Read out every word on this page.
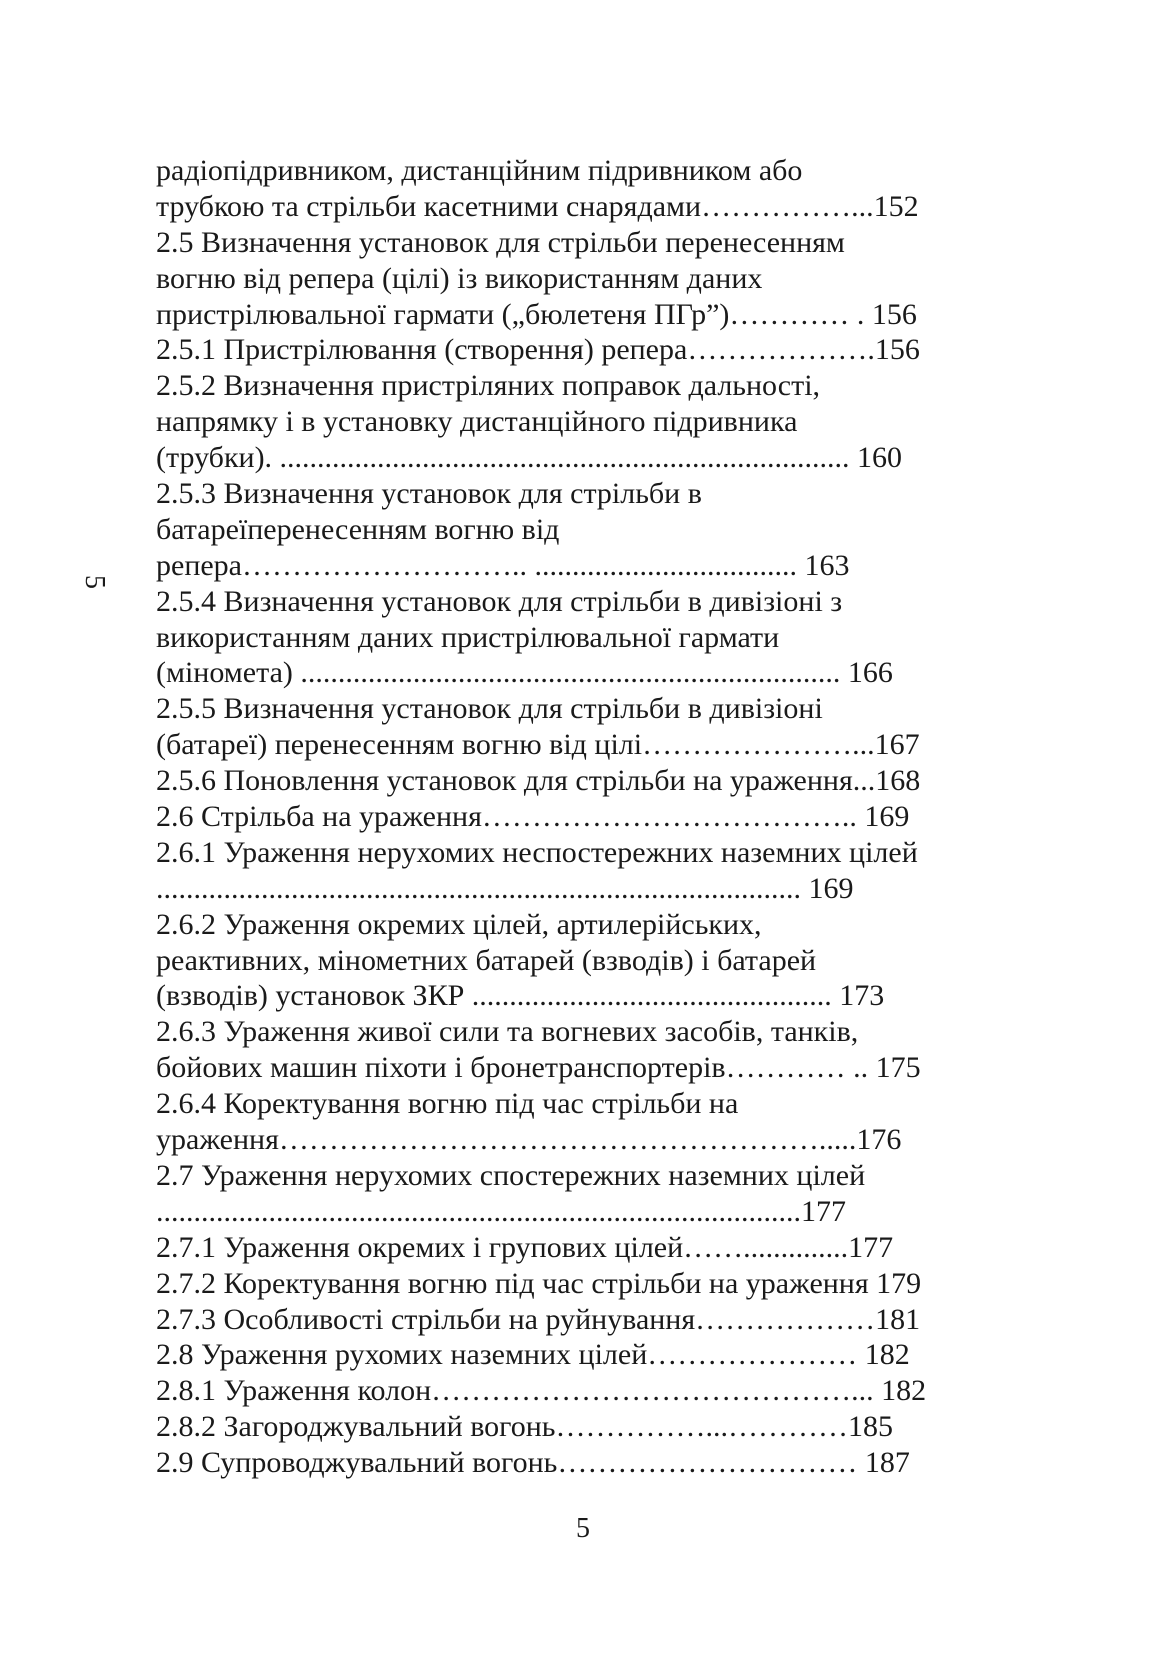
5
радіопідривником, дистанційним підривником або
трубкою та стрільби касетними снарядами……………...152
2.5 Визначення установок для стрільби перенесенням
вогню від репера (цілі) із використанням даних
пристрілювальної гармати („бюлетеня ПГр”)………… . 156
2.5.1 Пристрілювання (створення) репера……………….156
2.5.2 Визначення пристріляних поправок дальності,
напрямку і в установку дистанційного підривника
(трубки). ............................................................................ 160
2.5.3 Визначення установок для стрільби в
батареїперенесенням вогню від
репера……………………….. ................................... 163
2.5.4 Визначення установок для стрільби в дивізіоні з
використанням даних пристрілювальної гармати
(міномета) ........................................................................ 166
2.5.5 Визначення установок для стрільби в дивізіоні
(батареї) перенесенням вогню від цілі…………………...167
2.5.6 Поновлення установок для стрільби на ураження...168
2.6 Стрільба на ураження……………………………….. 169
2.6.1 Ураження нерухомих неспостережних наземних цілей
...................................................................................... 169
2.6.2 Ураження окремих цілей, артилерійських,
реактивних, мінометних батарей (взводів) і батарей
(взводів) установок ЗКР ................................................ 173
2.6.3 Ураження живої сили та вогневих засобів, танків,
бойових машин піхоти і бронетранспортерів………… .. 175
2.6.4 Коректування вогню під час стрільби на
ураження……………………………………………….....176
2.7 Ураження нерухомих спостережних наземних цілей
......................................................................................177
2.7.1 Ураження окремих і групових цілей……..............177
2.7.2 Коректування вогню під час стрільби на ураження 179
2.7.3 Особливості стрільби на руйнування………………181
2.8 Ураження рухомих наземних цілей………………… 182
2.8.1 Ураження колон……………………………………... 182
2.8.2 Загороджувальний вогонь……………...…………185
2.9 Супроводжувальний вогонь………………………… 187
5
